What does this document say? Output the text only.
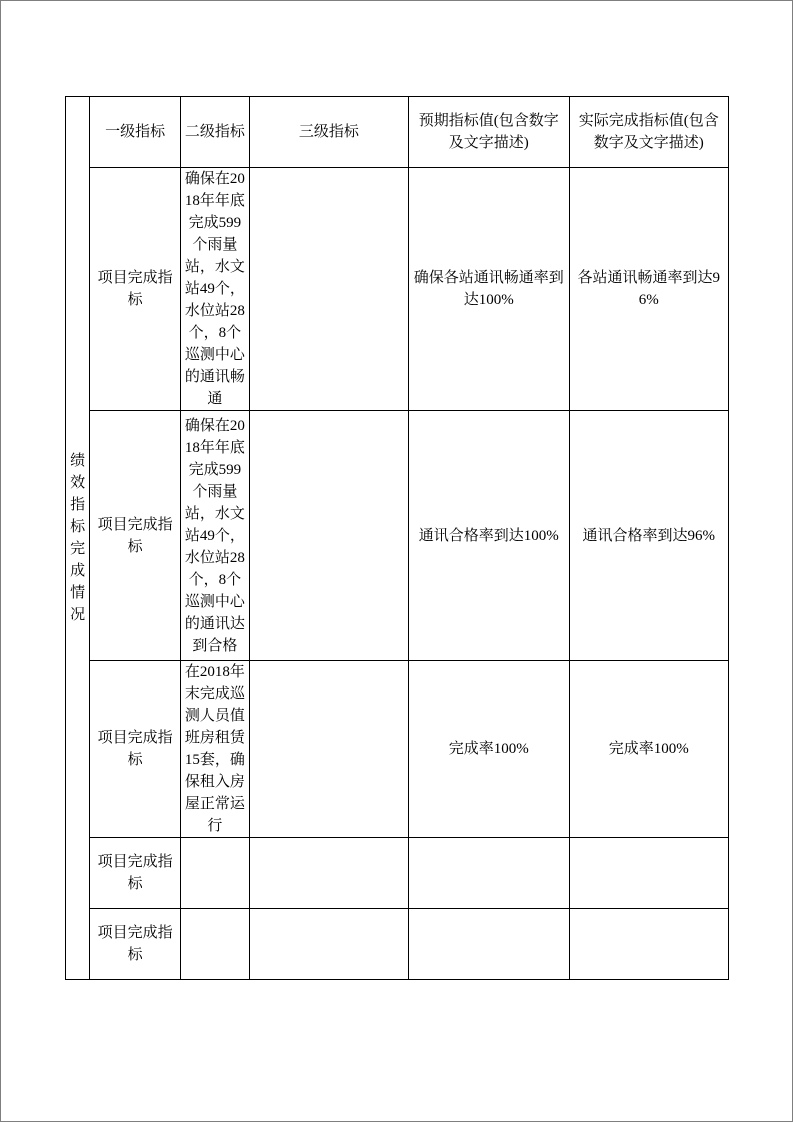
绩效指标完成情况	一级指标	二级指标	三级指标	预期指标值(包含数字及文字描述)	实际完成指标值(包含数字及文字描述)

	项目完成指标	确保在2018年年底完成599个雨量站，水文站49个，水位站28个，8个巡测中心的通讯畅通		确保各站通讯畅通率到达100%	各站通讯畅通率到达96%

	项目完成指标	确保在2018年年底完成599个雨量站，水文站49个，水位站28个，8个巡测中心的通讯达到合格		通讯合格率到达100%	通讯合格率到达96%

	项目完成指标	在2018年末完成巡测人员值班房租赁15套，确保租入房屋正常运行		完成率100%	完成率100%

	项目完成指标				

	项目完成指标				
